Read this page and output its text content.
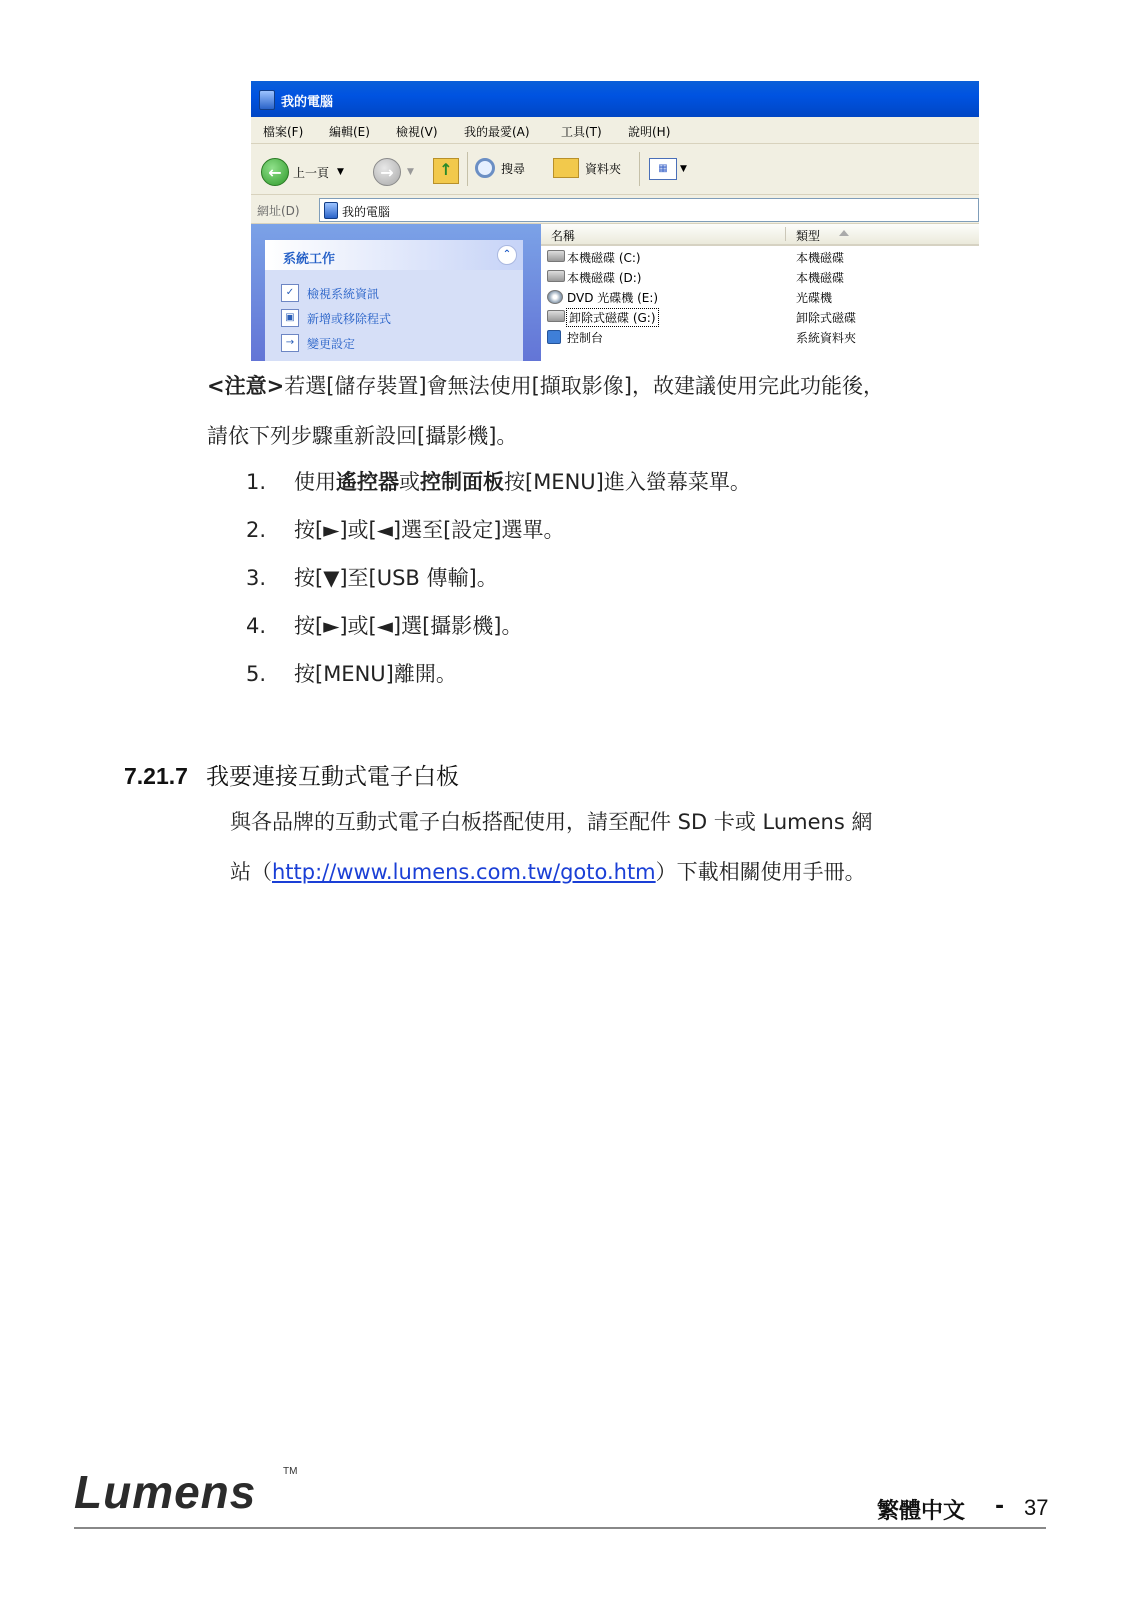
我的電腦
檔案(F) 編輯(E) 檢視(V) 我的最愛(A)	工具(T) 說明(H)
← 上一頁 ▼	→	▼	↑	搜尋	資料夾	▦	▼
網址(D)	我的電腦
系統工作	⌃
✓	檢視系統資訊
▣	新增或移除程式
→	變更設定
名稱	類型
本機磁碟 (C:)	本機磁碟
本機磁碟 (D:)	本機磁碟
DVD 光碟機 (E:)	光碟機
卸除式磁碟 (G:)	卸除式磁碟
控制台	系統資料夾
<注意>若選[儲存裝置]會無法使用[擷取影像]，故建議使用完此功能後，
請依下列步驟重新設回[攝影機]。
1. 使用遙控器或控制面板按[MENU]進入螢幕菜單。
2. 按[►]或[◄]選至[設定]選單。
3. 按[▼]至[USB 傳輸]。
4. 按[►]或[◄]選[攝影機]。
5. 按[MENU]離開。
7.21.7 我要連接互動式電子白板
與各品牌的互動式電子白板搭配使用，請至配件 SD 卡或 Lumens 網
站（http://www.lumens.com.tw/goto.htm）下載相關使用手冊。
Lumens	TM
繁體中文 - 37
